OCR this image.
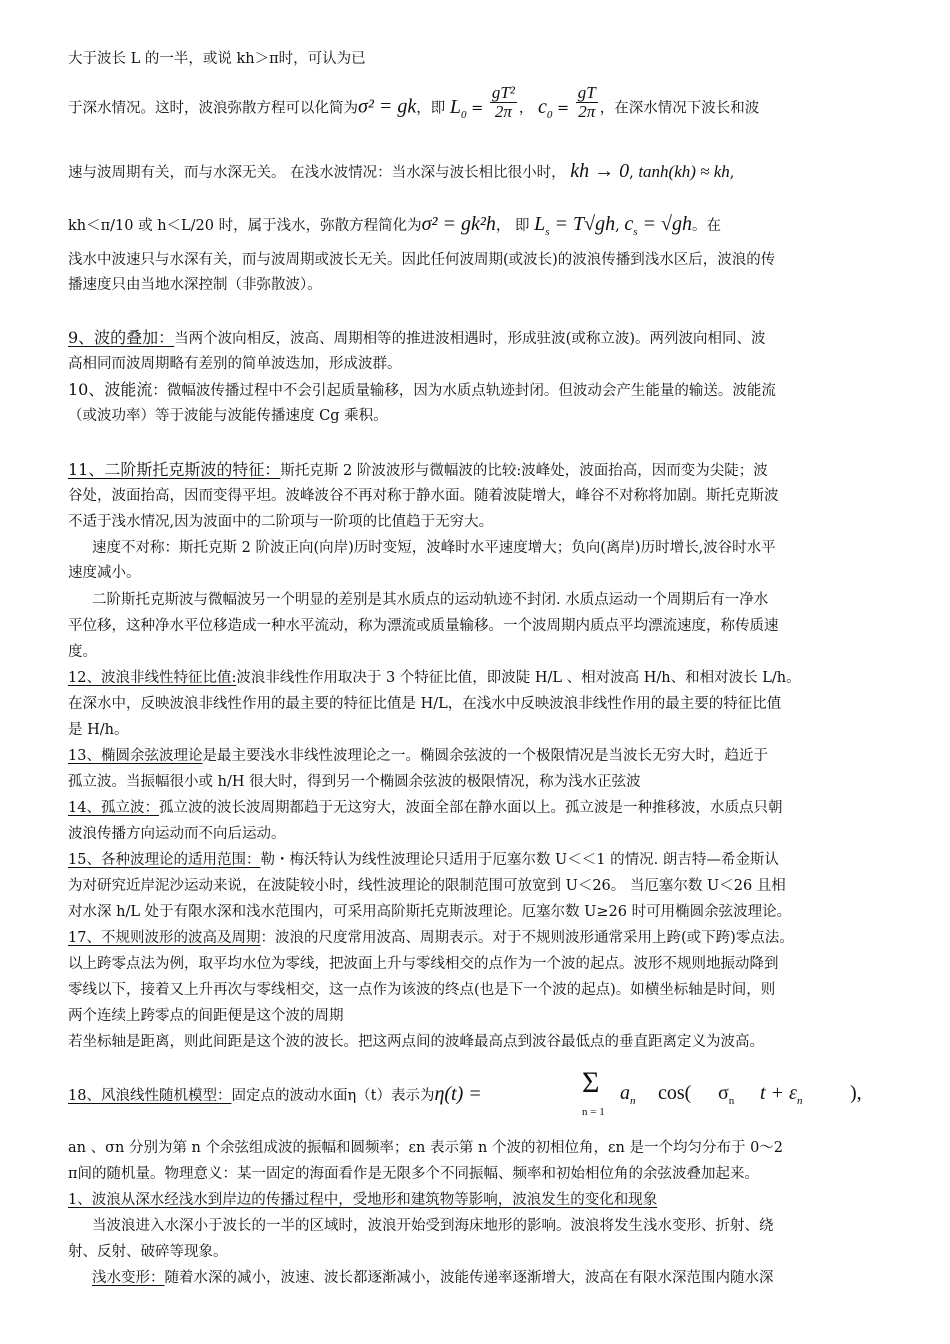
大于波长 L 的一半，或说 kh＞π时，可认为已
于深水情况。这时，波浪弥散方程可以化简为σ² = gk，即 $L_0 = \frac{\text{gT²}}{2\pi}$ ， $c_0 = \frac{gT}{2\pi}$ ，在深水情况下波长和波
速与波周期有关，而与水深无关。 在浅水波情况：当水深与波长相比很小时， kh → 0, tanh(kh) ≈ kh,
kh＜π/10 或 h＜L/20 时，属于浅水，弥散方程简化为σ² = gk²h， 即 $L_s = T√gh$, $c_s = √gh$。在
浅水中波速只与水深有关，而与波周期或波长无关。因此任何波周期(或波长)的波浪传播到浅水区后，波浪的传
播速度只由当地水深控制（非弥散波）。
9、波的叠加：当两个波向相反，波高、周期相等的推进波相遇时，形成驻波(或称立波)。两列波向相同、波
高相同而波周期略有差别的简单波迭加，形成波群。
10、波能流：微幅波传播过程中不会引起质量输移，因为水质点轨迹封闭。但波动会产生能量的输送。波能流
（或波功率）等于波能与波能传播速度 Cg 乘积。
11、二阶斯托克斯波的特征：斯托克斯 2 阶波波形与微幅波的比较:波峰处，波面抬高，因而变为尖陡；波
谷处，波面抬高，因而变得平坦。波峰波谷不再对称于静水面。随着波陡增大，峰谷不对称将加剧。斯托克斯波
不适于浅水情况,因为波面中的二阶项与一阶项的比值趋于无穷大。
速度不对称：斯托克斯 2 阶波正向(向岸)历时变短，波峰时水平速度增大；负向(离岸)历时增长,波谷时水平
速度减小。
二阶斯托克斯波与微幅波另一个明显的差别是其水质点的运动轨迹不封闭. 水质点运动一个周期后有一净水
平位移，这种净水平位移造成一种水平流动，称为漂流或质量输移。一个波周期内质点平均漂流速度，称传质速
度。
12、波浪非线性特征比值:波浪非线性作用取决于 3 个特征比值，即波陡 H/L 、相对波高 H/h、和相对波长 L/h。
在深水中，反映波浪非线性作用的最主要的特征比值是 H/L，在浅水中反映波浪非线性作用的最主要的特征比值
是 H/h。
13、椭圆余弦波理论是最主要浅水非线性波理论之一。椭圆余弦波的一个极限情况是当波长无穷大时，趋近于
孤立波。当振幅很小或 h/H 很大时，得到另一个椭圆余弦波的极限情况，称为浅水正弦波
14、孤立波：孤立波的波长波周期都趋于无这穷大，波面全部在静水面以上。孤立波是一种推移波，水质点只朝
波浪传播方向运动而不向后运动。
15、各种波理论的适用范围：勒・梅沃特认为线性波理论只适用于厄塞尔数 U＜＜1 的情况. 朗吉特—希金斯认
为对研究近岸泥沙运动来说，在波陡较小时，线性波理论的限制范围可放宽到 U＜26。 当厄塞尔数 U＜26 且相
对水深 h/L 处于有限水深和浅水范围内，可采用高阶斯托克斯波理论。厄塞尔数 U≥26 时可用椭圆余弦波理论。
17、不规则波形的波高及周期：波浪的尺度常用波高、周期表示。对于不规则波形通常采用上跨(或下跨)零点法。
以上跨零点法为例，取平均水位为零线，把波面上升与零线相交的点作为一个波的起点。波形不规则地振动降到
零线以下，接着又上升再次与零线相交，这一点作为该波的终点(也是下一个波的起点)。如横坐标轴是时间，则
两个连续上跨零点的间距便是这个波的周期
若坐标轴是距离，则此间距是这个波的波长。把这两点间的波峰最高点到波谷最低点的垂直距离定义为波高。
18、风浪线性随机模型：固定点的波动水面η（t）表示为η(t) =	Σ
n = 1
$a_n$ cos( $\sigma_n$ $t + \varepsilon_n$ ),
an 、σn 分别为第 n 个余弦组成波的振幅和圆频率；εn 表示第 n 个波的初相位角，εn 是一个均匀分布于 0～2
π间的随机量。物理意义：某一固定的海面看作是无限多个不同振幅、频率和初始相位角的余弦波叠加起来。
1、波浪从深水经浅水到岸边的传播过程中，受地形和建筑物等影响，波浪发生的变化和现象
当波浪进入水深小于波长的一半的区域时，波浪开始受到海床地形的影响。波浪将发生浅水变形、折射、绕
射、反射、破碎等现象。
浅水变形：随着水深的减小，波速、波长都逐渐减小，波能传递率逐渐增大，波高在有限水深范围内随水深
